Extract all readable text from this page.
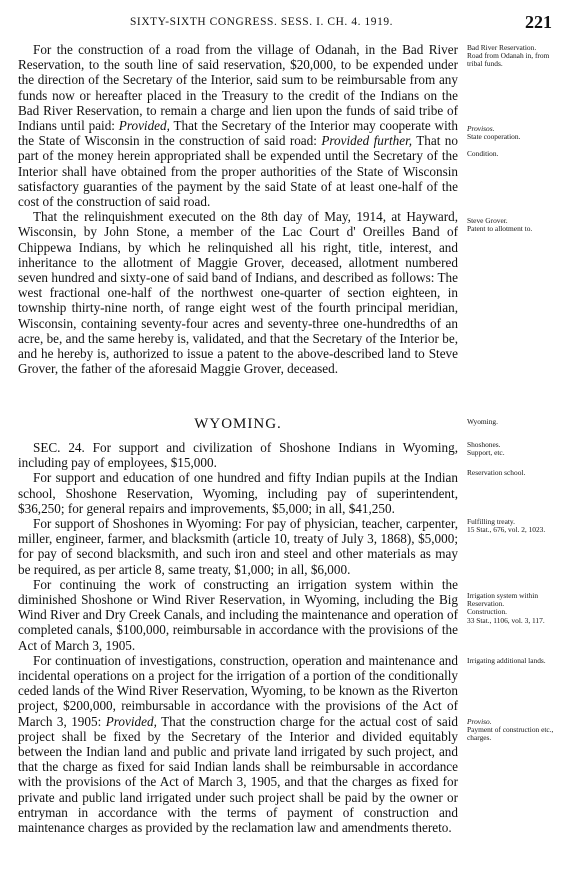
SIXTY-SIXTH CONGRESS. SESS. I. CH. 4. 1919.	221

For the construction of a road from the village of Odanah, in the Bad River Reservation, to the south line of said reservation, $20,000, to be expended under the direction of the Secretary of the Interior, said sum to be reimbursable from any funds now or hereafter placed in the Treasury to the credit of the Indians on the Bad River Reservation, to remain a charge and lien upon the funds of said tribe of Indians until paid: Provided, That the Secretary of the Interior may cooperate with the State of Wisconsin in the construction of said road: Provided further, That no part of the money herein appropriated shall be expended until the Secretary of the Interior shall have obtained from the proper authorities of the State of Wisconsin satisfactory guaranties of the payment by the said State of at least one-half of the cost of the construction of said road.

That the relinquishment executed on the 8th day of May, 1914, at Hayward, Wisconsin, by John Stone, a member of the Lac Court d' Oreilles Band of Chippewa Indians, by which he relinquished all his right, title, interest, and inheritance to the allotment of Maggie Grover, deceased, allotment numbered seven hundred and sixty-one of said band of Indians, and described as follows: The west fractional one-half of the northwest one-quarter of section eighteen, in township thirty-nine north, of range eight west of the fourth principal meridian, Wisconsin, containing seventy-four acres and seventy-three one-hundredths of an acre, be, and the same hereby is, validated, and that the Secretary of the Interior be, and he hereby is, authorized to issue a patent to the above-described land to Steve Grover, the father of the aforesaid Maggie Grover, deceased.

WYOMING.

SEC. 24. For support and civilization of Shoshone Indians in Wyoming, including pay of employees, $15,000.

For support and education of one hundred and fifty Indian pupils at the Indian school, Shoshone Reservation, Wyoming, including pay of superintendent, $36,250; for general repairs and improvements, $5,000; in all, $41,250.

For support of Shoshones in Wyoming: For pay of physician, teacher, carpenter, miller, engineer, farmer, and blacksmith (article 10, treaty of July 3, 1868), $5,000; for pay of second blacksmith, and such iron and steel and other materials as may be required, as per article 8, same treaty, $1,000; in all, $6,000.

For continuing the work of constructing an irrigation system within the diminished Shoshone or Wind River Reservation, in Wyoming, including the Big Wind River and Dry Creek Canals, and including the maintenance and operation of completed canals, $100,000, reimbursable in accordance with the provisions of the Act of March 3, 1905.

For continuation of investigations, construction, operation and maintenance and incidental operations on a project for the irrigation of a portion of the conditionally ceded lands of the Wind River Reservation, Wyoming, to be known as the Riverton project, $200,000, reimbursable in accordance with the provisions of the Act of March 3, 1905: Provided, That the construction charge for the actual cost of said project shall be fixed by the Secretary of the Interior and divided equitably between the Indian land and public and private land irrigated by such project, and that the charge as fixed for said Indian lands shall be reimbursable in accordance with the provisions of the Act of March 3, 1905, and that the charges as fixed for private and public land irrigated under such project shall be paid by the owner or entryman in accordance with the terms of payment of construction and maintenance charges as provided by the reclamation law and amendments thereto.

Bad River Reservation.
Road from Odanah in, from tribal funds.
Provisos.
State cooperation.
Condition.
Steve Grover.
Patent to allotment to.
Wyoming.
Shoshones.
Support, etc.
Reservation school.
Fulfilling treaty.
15 Stat., 676, vol. 2, 1023.
Irrigation system within Reservation.
Construction.
33 Stat., 1106, vol. 3, 117.
Irrigating additional lands.
Proviso.
Payment of construction etc., charges.
